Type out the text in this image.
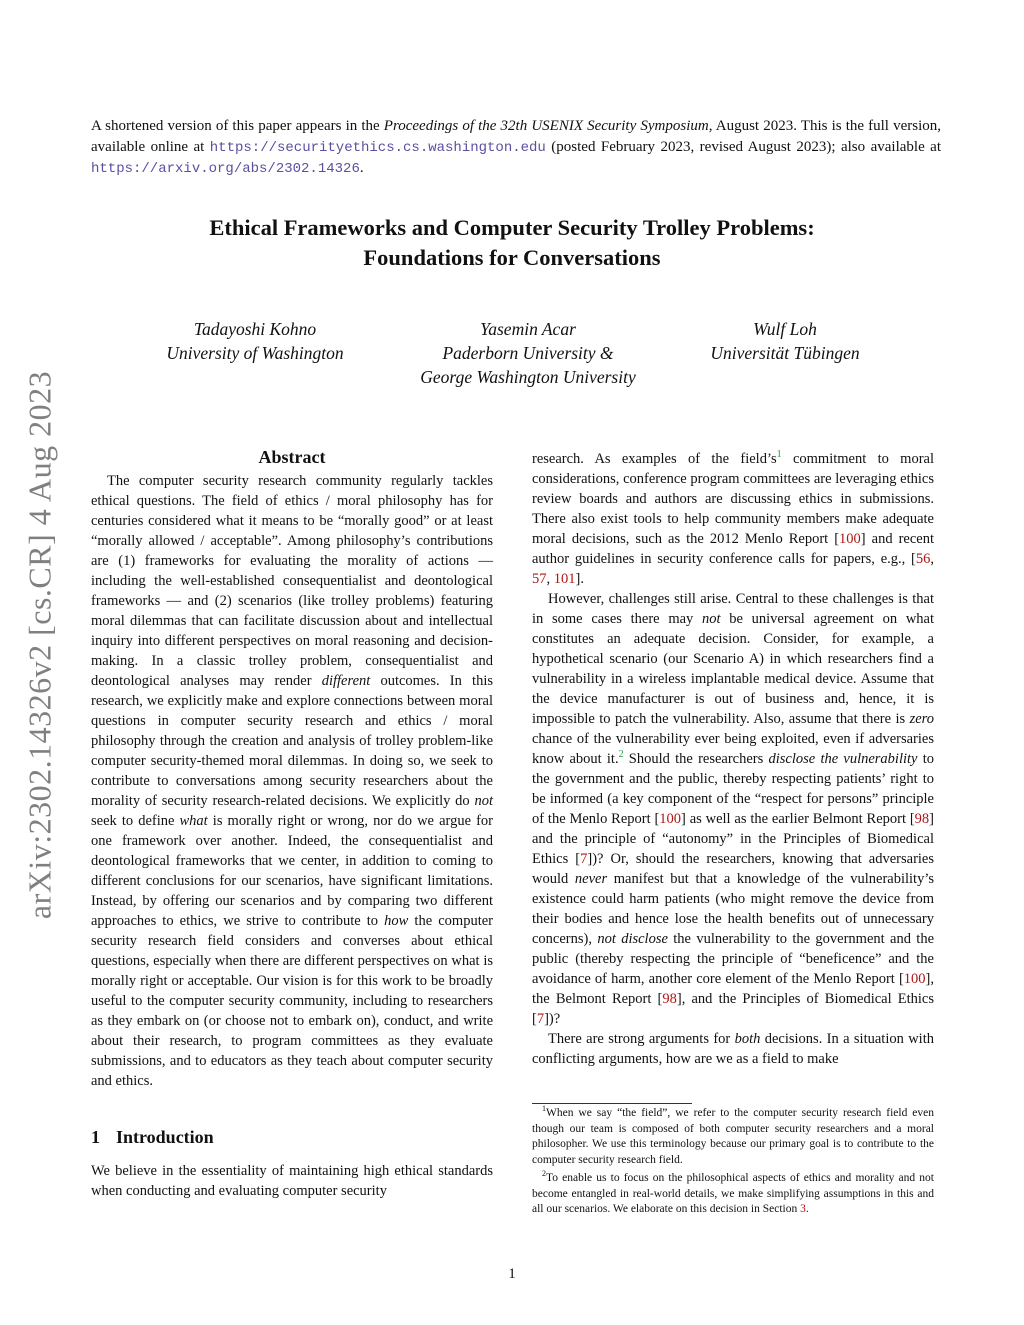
A shortened version of this paper appears in the Proceedings of the 32th USENIX Security Symposium, August 2023. This is the full version, available online at https://securityethics.cs.washington.edu (posted February 2023, revised August 2023); also available at https://arxiv.org/abs/2302.14326.
Ethical Frameworks and Computer Security Trolley Problems:
Foundations for Conversations
Tadayoshi Kohno
University of Washington
Yasemin Acar
Paderborn University &
George Washington University
Wulf Loh
Universität Tübingen
arXiv:2302.14326v2 [cs.CR] 4 Aug 2023	Abstract

The computer security research community regularly tackles ethical questions. The field of ethics / moral philosophy has for centuries considered what it means to be “morally good” or at least “morally allowed / acceptable”. Among philosophy’s contributions are (1) frameworks for evaluating the morality of actions — including the well-established consequentialist and deontological frameworks — and (2) scenarios (like trolley problems) featuring moral dilemmas that can facilitate discussion about and intellectual inquiry into different perspectives on moral reasoning and decision-making. In a classic trolley problem, consequentialist and deontological analyses may render different outcomes. In this research, we explicitly make and explore connections between moral questions in computer security research and ethics / moral philosophy through the creation and analysis of trolley problem-like computer security-themed moral dilemmas. In doing so, we seek to contribute to conversations among security researchers about the morality of security research-related decisions. We explicitly do not seek to define what is morally right or wrong, nor do we argue for one framework over another. Indeed, the consequentialist and deontological frameworks that we center, in addition to coming to different conclusions for our scenarios, have significant limitations. Instead, by offering our scenarios and by comparing two different approaches to ethics, we strive to contribute to how the computer security research field considers and converses about ethical questions, especially when there are different perspectives on what is morally right or acceptable. Our vision is for this work to be broadly useful to the computer security community, including to researchers as they embark on (or choose not to embark on), conduct, and write about their research, to program committees as they evaluate submissions, and to educators as they teach about computer security and ethics.

1 Introduction

We believe in the essentiality of maintaining high ethical standards when conducting and evaluating computer security

research. As examples of the $field’s^1$ commitment to moral considerations, conference program committees are leveraging ethics review boards and authors are discussing ethics in submissions. There also exist tools to help community members make adequate moral decisions, such as the 2012 Menlo Report [100] and recent author guidelines in security conference calls for papers, e.g., [56, 57, 101].

However, challenges still arise. Central to these challenges is that in some cases there may not be universal agreement on what constitutes an adequate decision. Consider, for example, a hypothetical scenario (our Scenario A) in which researchers find a vulnerability in a wireless implantable medical device. Assume that the device manufacturer is out of business and, hence, it is impossible to patch the vulnerability. Also, assume that there is zero chance of the vulnerability ever being exploited, even if adversaries know about it.$^2$ Should the researchers disclose the vulnerability to the government and the public, thereby respecting patients’ right to be informed (a key component of the “respect for persons” principle of the Menlo Report [100] as well as the earlier Belmont Report [98] and the principle of “autonomy” in the Principles of Biomedical Ethics [7])? Or, should the researchers, knowing that adversaries would never manifest but that a knowledge of the vulnerability’s existence could harm patients (who might remove the device from their bodies and hence lose the health benefits out of unnecessary concerns), not disclose the vulnerability to the government and the public (thereby respecting the principle of “beneficence” and the avoidance of harm, another core element of the Menlo Report [100], the Belmont Report [98], and the Principles of Biomedical Ethics [7])?

There are strong arguments for both decisions. In a situation with conflicting arguments, how are we as a field to make

$^1$When we say “the field”, we refer to the computer security research field even though our team is composed of both computer security researchers and a moral philosopher. We use this terminology because our primary goal is to contribute to the computer security research field.

$^2$To enable us to focus on the philosophical aspects of ethics and morality and not become entangled in real-world details, we make simplifying assumptions in this and all our scenarios. We elaborate on this decision in Section 3.

1
